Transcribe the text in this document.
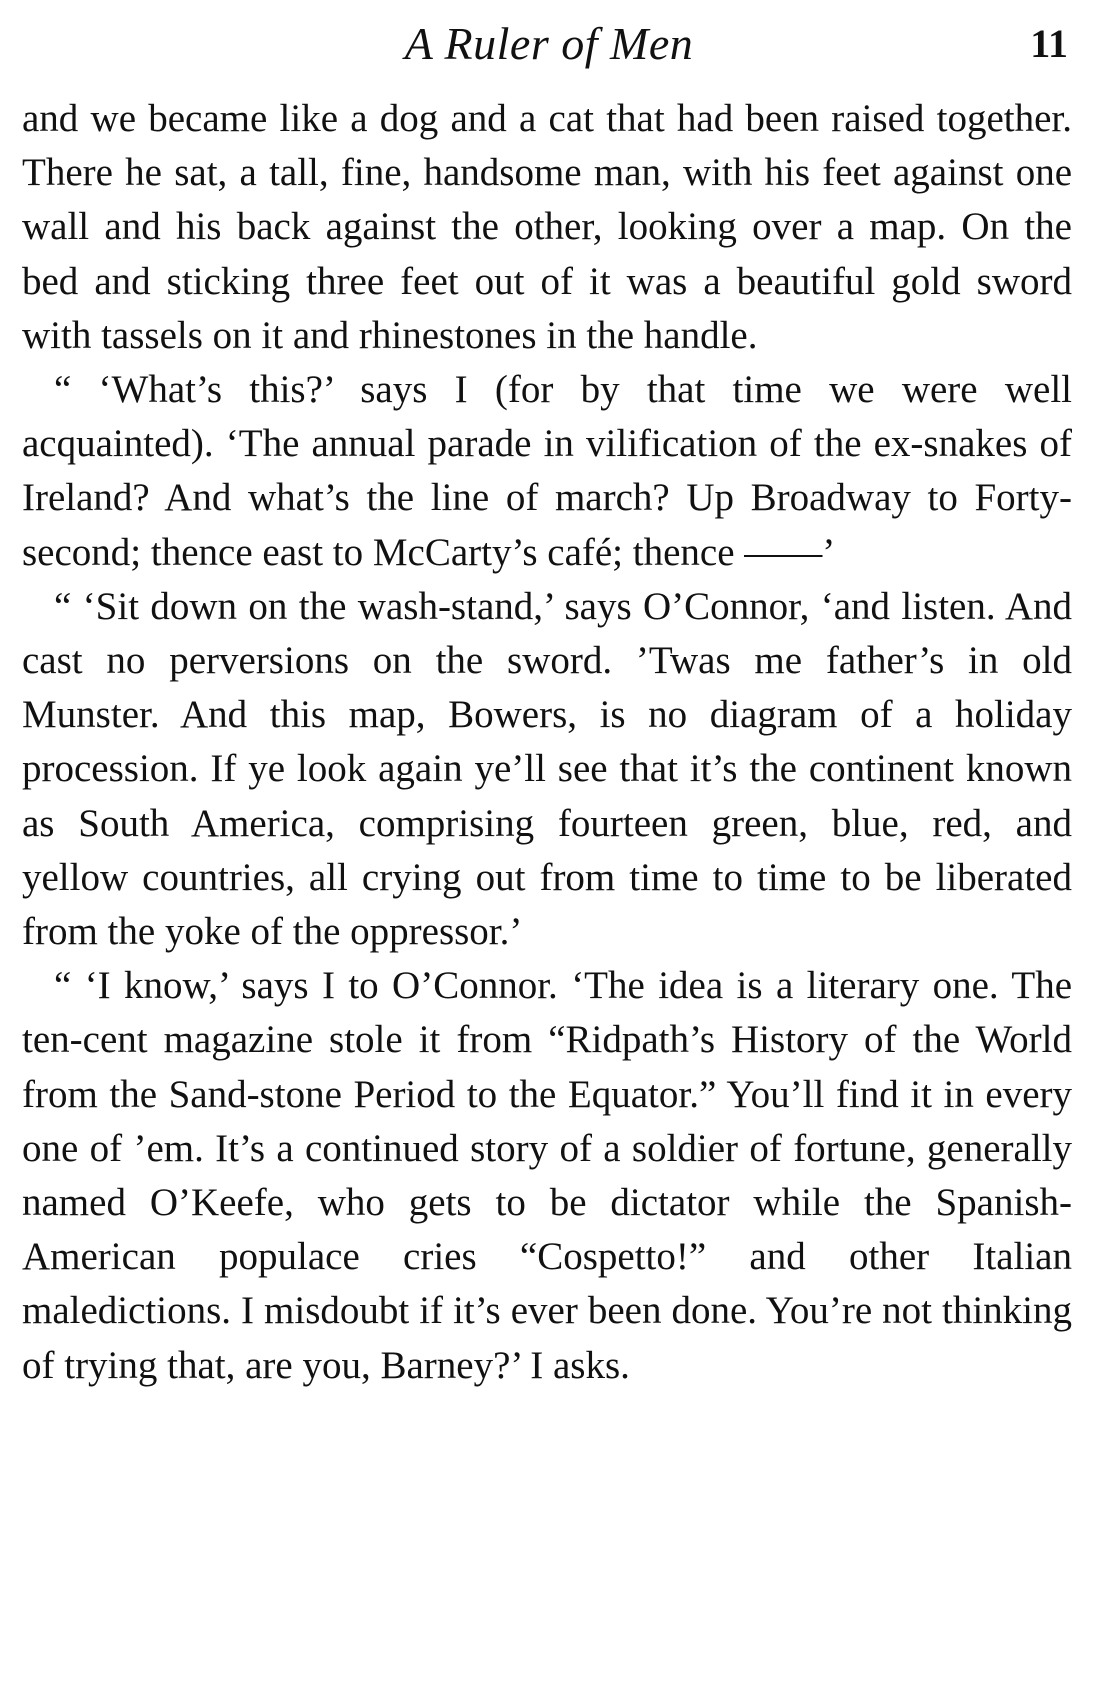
A Ruler of Men	11

and we became like a dog and a cat that had been raised together. There he sat, a tall, fine, handsome man, with his feet against one wall and his back against the other, looking over a map. On the bed and sticking three feet out of it was a beautiful gold sword with tassels on it and rhinestones in the handle.

“ ‘What’s this?’ says I (for by that time we were well acquainted). ‘The annual parade in vilification of the ex-snakes of Ireland? And what’s the line of march? Up Broadway to Forty-second; thence east to McCarty’s café; thence ——’

“ ‘Sit down on the wash-stand,’ says O’Connor, ‘and listen. And cast no perversions on the sword. ’Twas me father’s in old Munster. And this map, Bowers, is no diagram of a holiday procession. If ye look again ye’ll see that it’s the continent known as South America, comprising fourteen green, blue, red, and yellow countries, all crying out from time to time to be liberated from the yoke of the oppressor.’

“ ‘I know,’ says I to O’Connor. ‘The idea is a literary one. The ten-cent magazine stole it from “Ridpath’s History of the World from the Sand-stone Period to the Equator.” You’ll find it in every one of ’em. It’s a continued story of a soldier of fortune, generally named O’Keefe, who gets to be dictator while the Spanish-American populace cries “Cospetto!” and other Italian maledictions. I misdoubt if it’s ever been done. You’re not thinking of trying that, are you, Barney?’ I asks.
